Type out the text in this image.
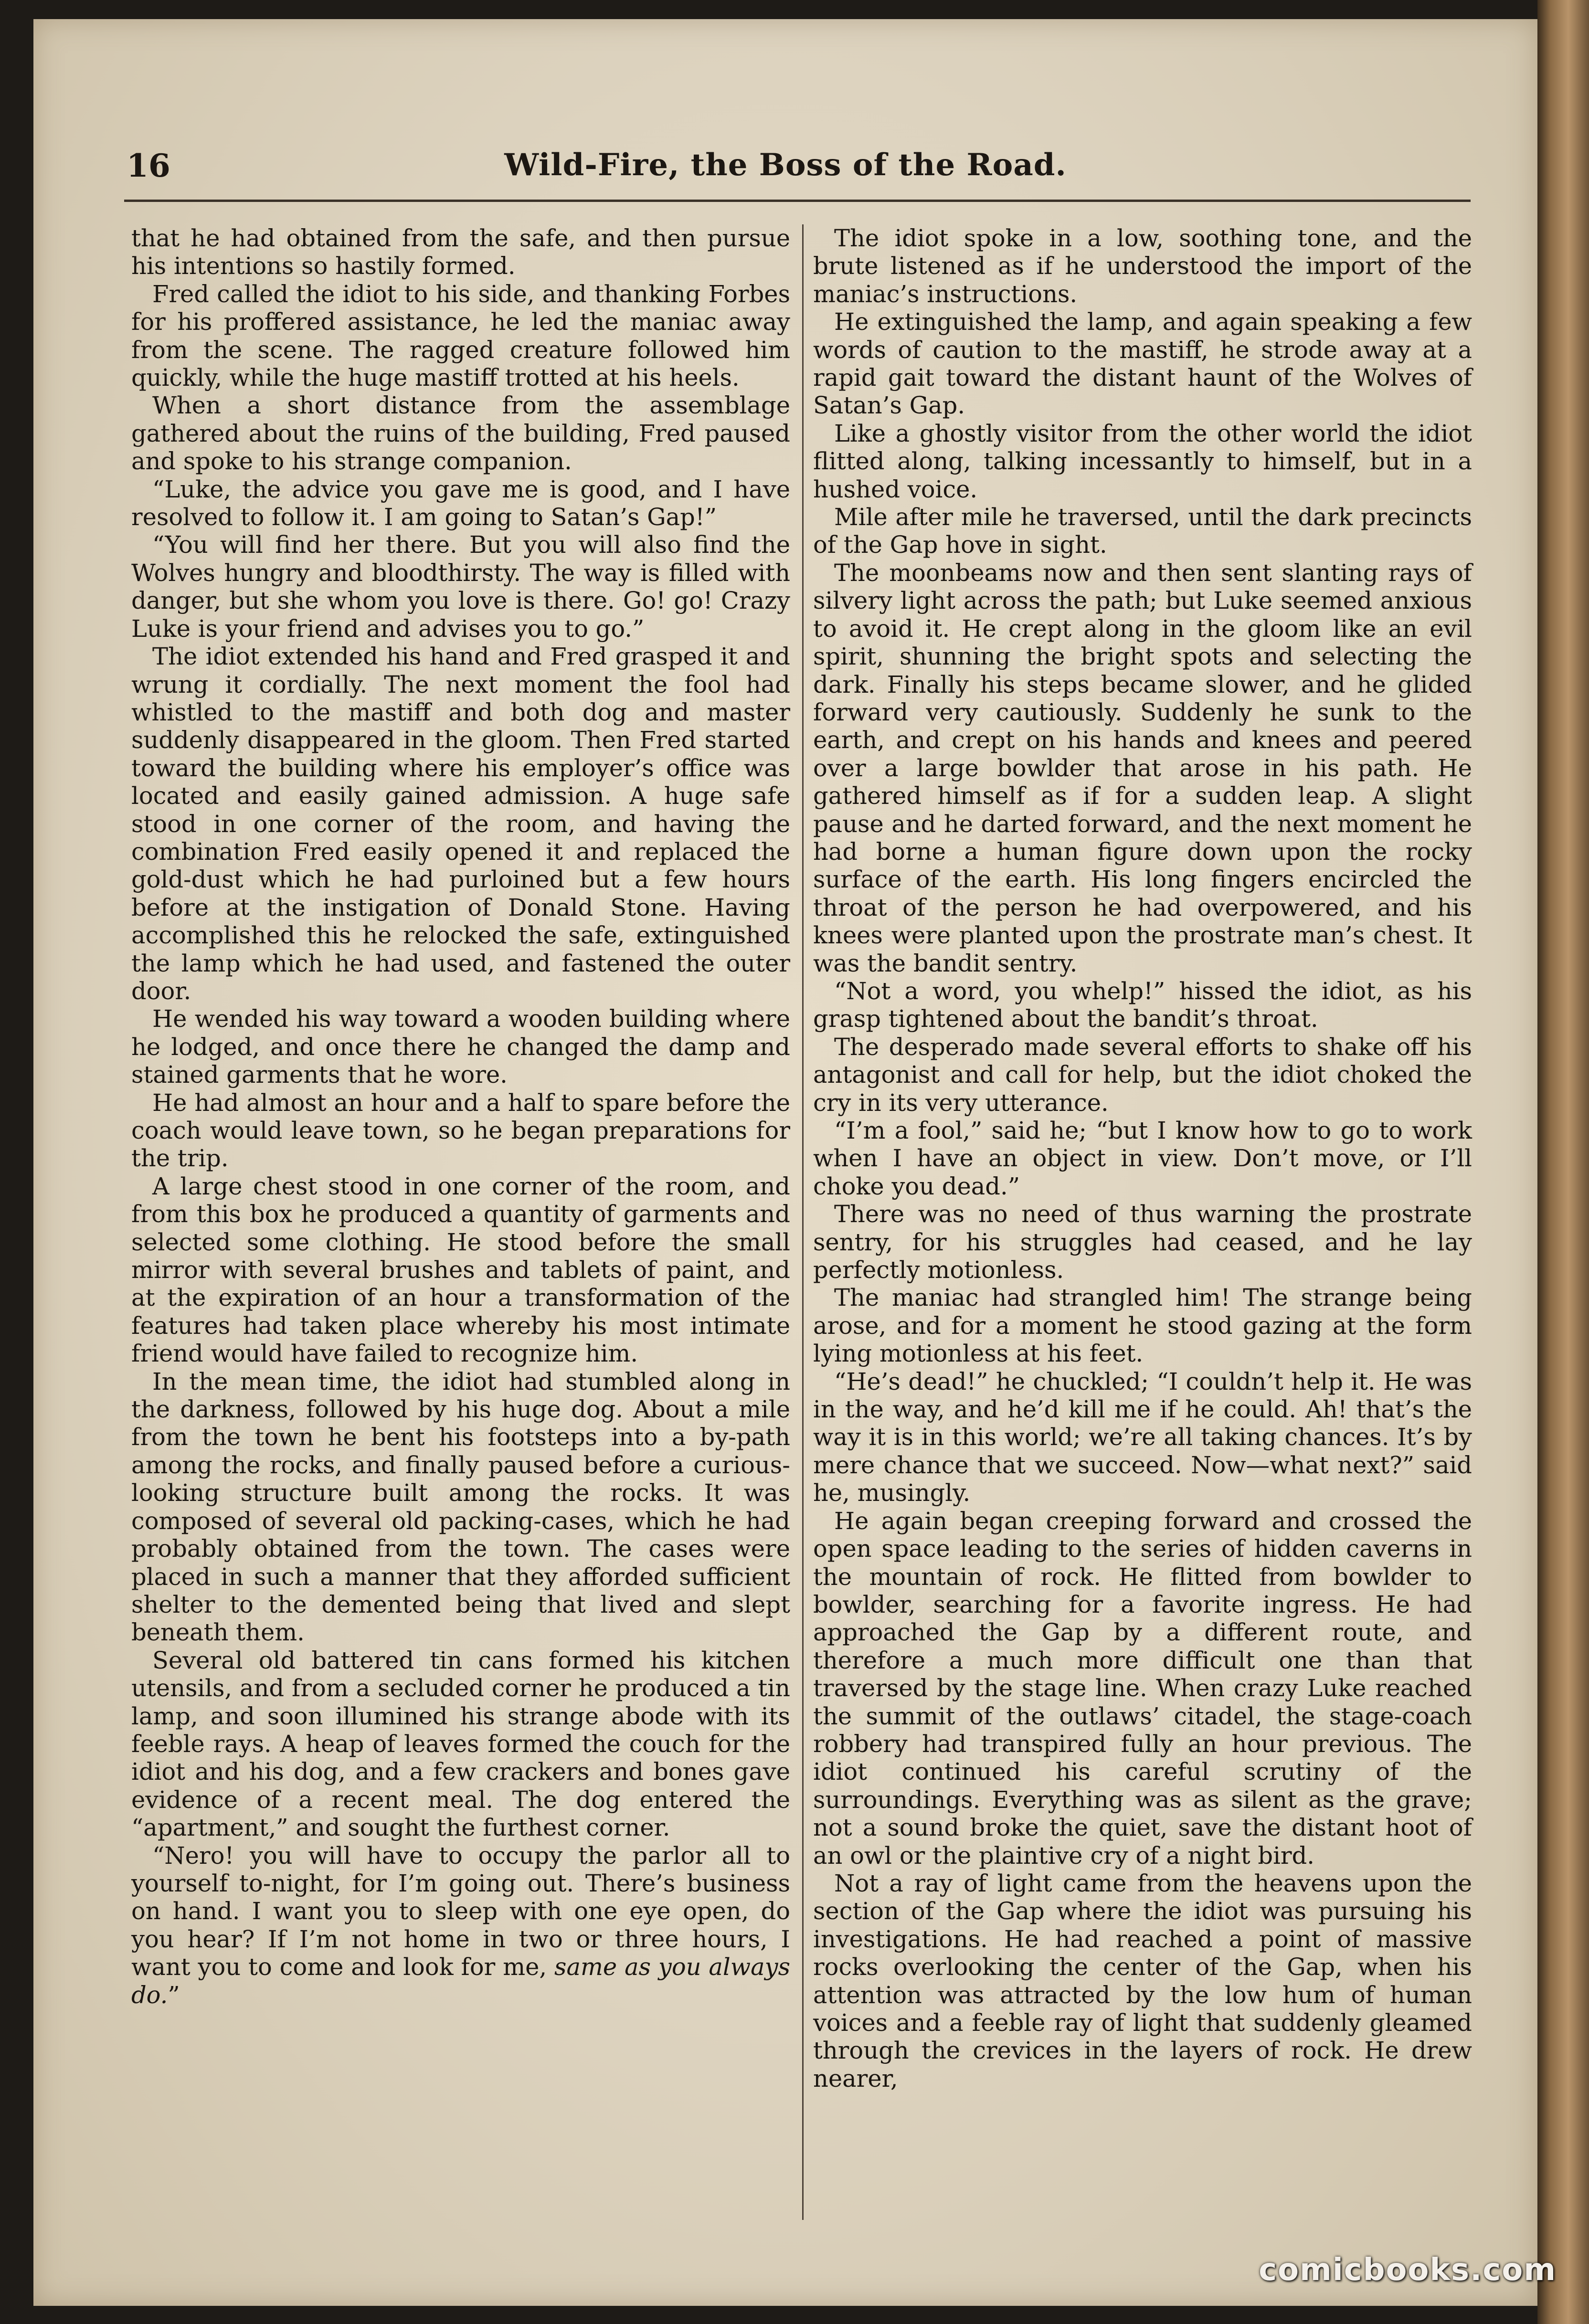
16	Wild-Fire, the Boss of the Road.

that he had obtained from the safe, and then pursue his intentions so hastily formed.

Fred called the idiot to his side, and thanking Forbes for his proffered assistance, he led the maniac away from the scene. The ragged creature followed him quickly, while the huge mastiff trotted at his heels.

When a short distance from the assemblage gathered about the ruins of the building, Fred paused and spoke to his strange companion.

“Luke, the advice you gave me is good, and I have resolved to follow it. I am going to Satan’s Gap!”

“You will find her there. But you will also find the Wolves hungry and bloodthirsty. The way is filled with danger, but she whom you love is there. Go! go! Crazy Luke is your friend and advises you to go.”

The idiot extended his hand and Fred grasped it and wrung it cordially. The next moment the fool had whistled to the mastiff and both dog and master suddenly disappeared in the gloom. Then Fred started toward the building where his employer’s office was located and easily gained admission. A huge safe stood in one corner of the room, and having the combination Fred easily opened it and replaced the gold-dust which he had purloined but a few hours before at the instigation of Donald Stone. Having accomplished this he relocked the safe, extinguished the lamp which he had used, and fastened the outer door.

He wended his way toward a wooden building where he lodged, and once there he changed the damp and stained garments that he wore.

He had almost an hour and a half to spare before the coach would leave town, so he began preparations for the trip.

A large chest stood in one corner of the room, and from this box he produced a quantity of garments and selected some clothing. He stood before the small mirror with several brushes and tablets of paint, and at the expiration of an hour a transformation of the features had taken place whereby his most intimate friend would have failed to recognize him.

In the mean time, the idiot had stumbled along in the darkness, followed by his huge dog. About a mile from the town he bent his footsteps into a by-path among the rocks, and finally paused before a curious-looking structure built among the rocks. It was composed of several old packing-cases, which he had probably obtained from the town. The cases were placed in such a manner that they afforded sufficient shelter to the demented being that lived and slept beneath them.

Several old battered tin cans formed his kitchen utensils, and from a secluded corner he produced a tin lamp, and soon illumined his strange abode with its feeble rays. A heap of leaves formed the couch for the idiot and his dog, and a few crackers and bones gave evidence of a recent meal. The dog entered the “apartment,” and sought the furthest corner.

“Nero! you will have to occupy the parlor all to yourself to-night, for I’m going out. There’s business on hand. I want you to sleep with one eye open, do you hear? If I’m not home in two or three hours, I want you to come and look for me, same as you always do.”

The idiot spoke in a low, soothing tone, and the brute listened as if he understood the import of the maniac’s instructions.

He extinguished the lamp, and again speaking a few words of caution to the mastiff, he strode away at a rapid gait toward the distant haunt of the Wolves of Satan’s Gap.

Like a ghostly visitor from the other world the idiot flitted along, talking incessantly to himself, but in a hushed voice.

Mile after mile he traversed, until the dark precincts of the Gap hove in sight.

The moonbeams now and then sent slanting rays of silvery light across the path; but Luke seemed anxious to avoid it. He crept along in the gloom like an evil spirit, shunning the bright spots and selecting the dark. Finally his steps became slower, and he glided forward very cautiously. Suddenly he sunk to the earth, and crept on his hands and knees and peered over a large bowlder that arose in his path. He gathered himself as if for a sudden leap. A slight pause and he darted forward, and the next moment he had borne a human figure down upon the rocky surface of the earth. His long fingers encircled the throat of the person he had overpowered, and his knees were planted upon the prostrate man’s chest. It was the bandit sentry.

“Not a word, you whelp!” hissed the idiot, as his grasp tightened about the bandit’s throat.

The desperado made several efforts to shake off his antagonist and call for help, but the idiot choked the cry in its very utterance.

“I’m a fool,” said he; “but I know how to go to work when I have an object in view. Don’t move, or I’ll choke you dead.”

There was no need of thus warning the prostrate sentry, for his struggles had ceased, and he lay perfectly motionless.

The maniac had strangled him! The strange being arose, and for a moment he stood gazing at the form lying motionless at his feet.

“He’s dead!” he chuckled; “I couldn’t help it. He was in the way, and he’d kill me if he could. Ah! that’s the way it is in this world; we’re all taking chances. It’s by mere chance that we succeed. Now—what next?” said he, musingly.

He again began creeping forward and crossed the open space leading to the series of hidden caverns in the mountain of rock. He flitted from bowlder to bowlder, searching for a favorite ingress. He had approached the Gap by a different route, and therefore a much more difficult one than that traversed by the stage line. When crazy Luke reached the summit of the outlaws’ citadel, the stage-coach robbery had transpired fully an hour previous. The idiot continued his careful scrutiny of the surroundings. Everything was as silent as the grave; not a sound broke the quiet, save the distant hoot of an owl or the plaintive cry of a night bird.

Not a ray of light came from the heavens upon the section of the Gap where the idiot was pursuing his investigations. He had reached a point of massive rocks overlooking the center of the Gap, when his attention was attracted by the low hum of human voices and a feeble ray of light that suddenly gleamed through the crevices in the layers of rock. He drew nearer,

comicbooks.com
